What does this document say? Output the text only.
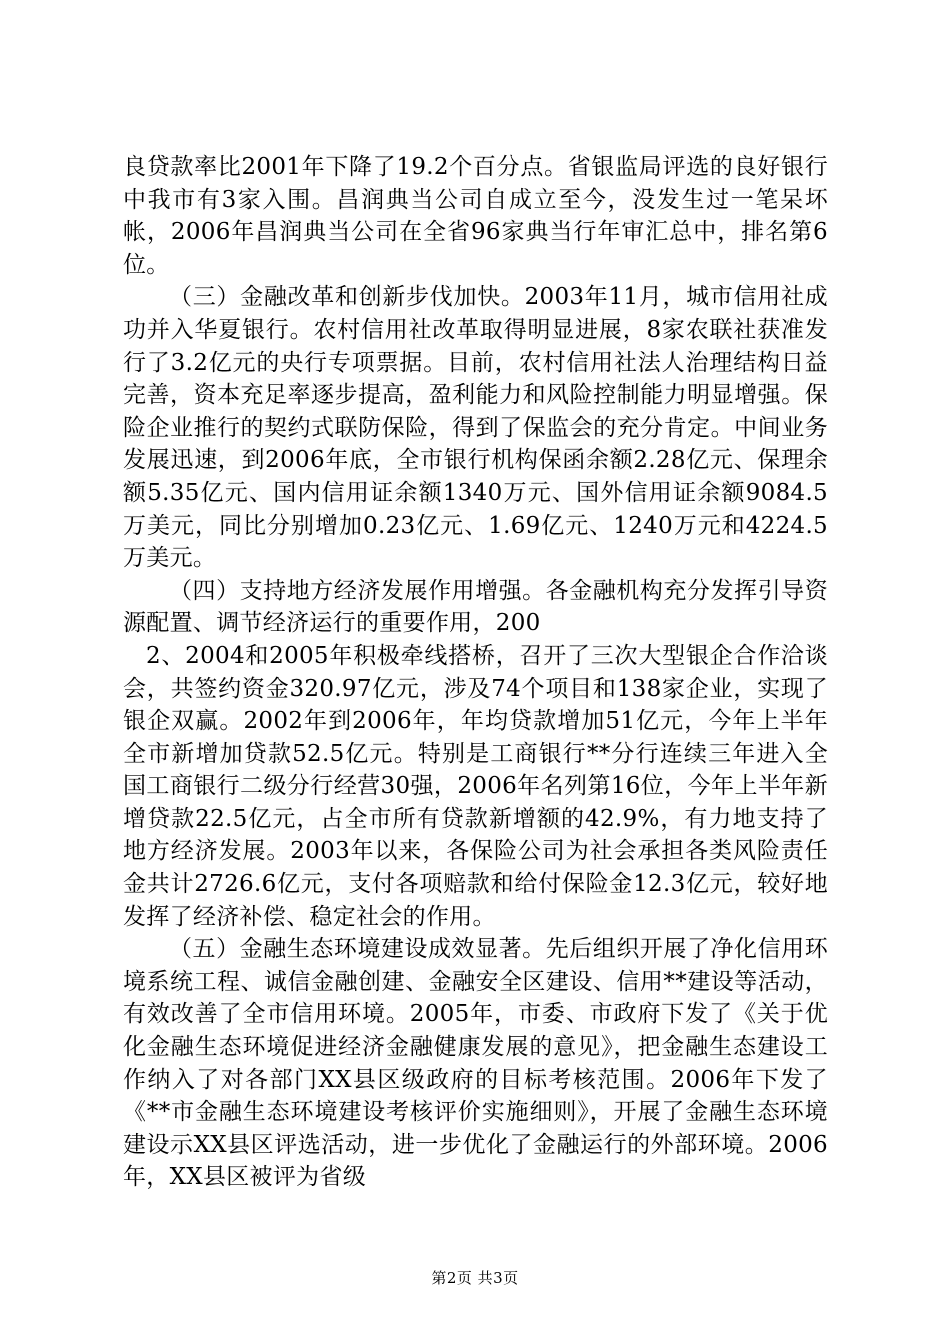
良贷款率比2001年下降了19.2个百分点。省银监局评选的良好银行中我市有3家入围。昌润典当公司自成立至今，没发生过一笔呆坏帐，2006年昌润典当公司在全省96家典当行年审汇总中，排名第6位。

（三）金融改革和创新步伐加快。2003年11月，城市信用社成功并入华夏银行。农村信用社改革取得明显进展，8家农联社获准发行了3.2亿元的央行专项票据。目前，农村信用社法人治理结构日益完善，资本充足率逐步提高，盈利能力和风险控制能力明显增强。保险企业推行的契约式联防保险，得到了保监会的充分肯定。中间业务发展迅速，到2006年底，全市银行机构保函余额2.28亿元、保理余额5.35亿元、国内信用证余额1340万元、国外信用证余额9084.5万美元，同比分别增加0.23亿元、1.69亿元、1240万元和4224.5万美元。

（四）支持地方经济发展作用增强。各金融机构充分发挥引导资源配置、调节经济运行的重要作用，200

2、2004和2005年积极牵线搭桥，召开了三次大型银企合作洽谈会，共签约资金320.97亿元，涉及74个项目和138家企业，实现了银企双赢。2002年到2006年，年均贷款增加51亿元，今年上半年全市新增加贷款52.5亿元。特别是工商银行**分行连续三年进入全国工商银行二级分行经营30强，2006年名列第16位，今年上半年新增贷款22.5亿元，占全市所有贷款新增额的42.9%，有力地支持了地方经济发展。2003年以来，各保险公司为社会承担各类风险责任金共计2726.6亿元，支付各项赔款和给付保险金12.3亿元，较好地发挥了经济补偿、稳定社会的作用。

（五）金融生态环境建设成效显著。先后组织开展了净化信用环境系统工程、诚信金融创建、金融安全区建设、信用**建设等活动，有效改善了全市信用环境。2005年，市委、市政府下发了《关于优化金融生态环境促进经济金融健康发展的意见》，把金融生态建设工作纳入了对各部门XX县区级政府的目标考核范围。2006年下发了《**市金融生态环境建设考核评价实施细则》，开展了金融生态环境建设示XX县区评选活动，进一步优化了金融运行的外部环境。2006年，XX县区被评为省级

第2页 共3页
